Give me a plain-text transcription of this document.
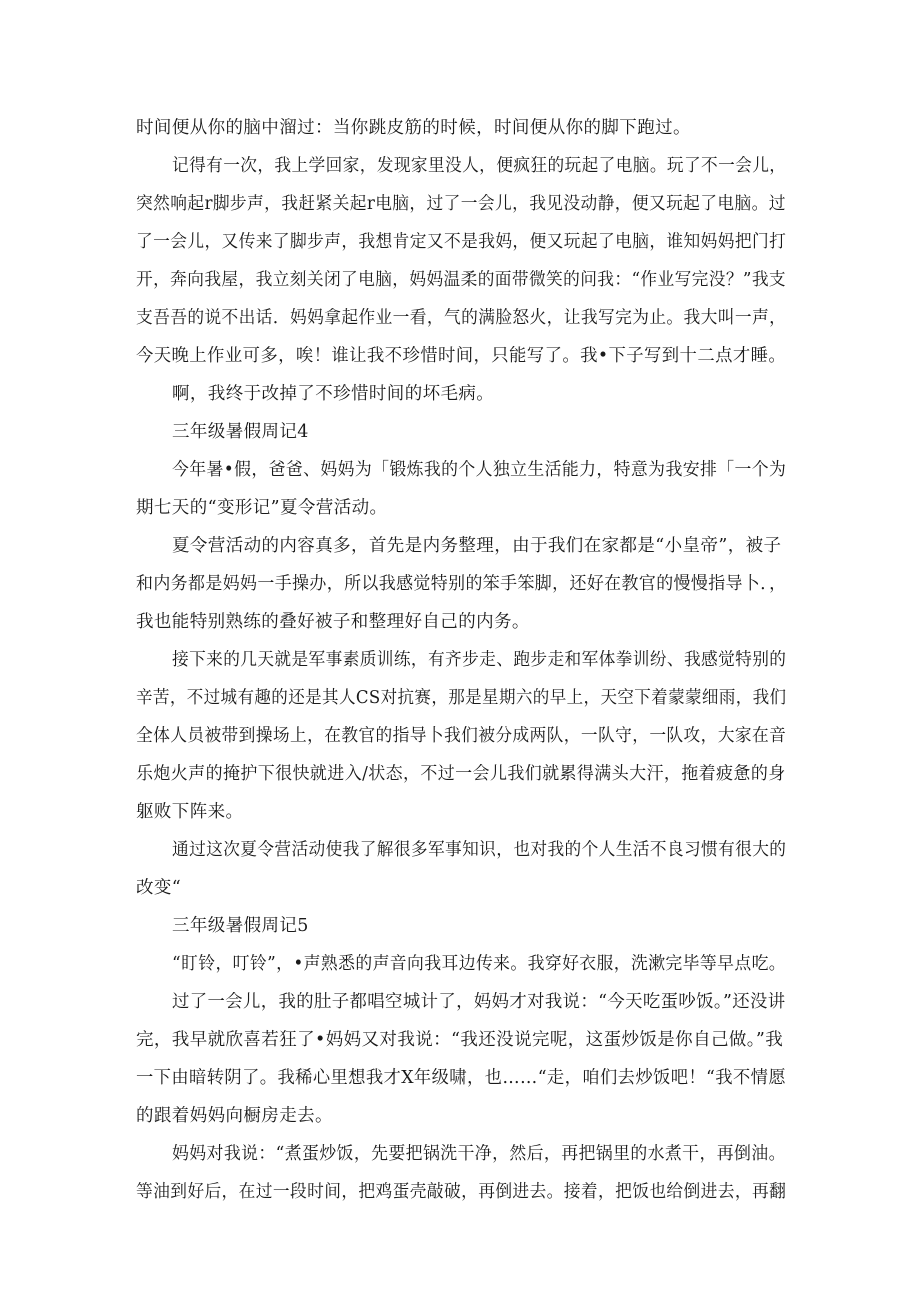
时间便从你的脑中溜过：当你跳皮筋的时候，时间便从你的脚下跑过。
记得有一次，我上学回家，发现家里没人，便疯狂的玩起了电脑。玩了不一会儿，
突然响起r脚步声，我赶紧关起r电脑，过了一会儿，我见没动静，便又玩起了电脑。过
了一会儿，又传来了脚步声，我想肯定又不是我妈，便又玩起了电脑，谁知妈妈把门打
开，奔向我屋，我立刻关闭了电脑，妈妈温柔的面带微笑的问我：“作业写完没？”我支
支吾吾的说不出话．妈妈拿起作业一看，气的满脸怒火，让我写完为止。我大叫一声，
今天晚上作业可多，唉！谁让我不珍惜时间，只能写了。我•下子写到十二点才睡。
啊，我终于改掉了不珍惜时间的坏毛病。
三年级暑假周记4
今年暑•假，爸爸、妈妈为「锻炼我的个人独立生活能力，特意为我安排「一个为
期七天的“变形记”夏令营活动。
夏令营活动的内容真多，首先是内务整理，由于我们在家都是“小皇帝”，被子
和内务都是妈妈一手操办，所以我感觉特别的笨手笨脚，还好在教官的慢慢指导卜．，
我也能特别熟练的叠好被子和整理好自己的内务。
接下来的几天就是军事素质训练，有齐步走、跑步走和军体拳训纷、我感觉特别的
辛苦，不过城有趣的还是其人CS对抗赛，那是星期六的早上，天空下着蒙蒙细雨，我们
全体人员被带到操场上，在教官的指导卜我们被分成两队，一队守，一队攻，大家在音
乐炮火声的掩护下很快就进入/状态，不过一会儿我们就累得满头大汗，拖着疲惫的身
躯败下阵来。
通过这次夏令营活动使我了解很多军事知识，也对我的个人生活不良习惯有很大的
改变“
三年级暑假周记5
“盯铃，叮铃”，•声熟悉的声音向我耳边传来。我穿好衣服，洗漱完毕等早点吃。
过了一会儿，我的肚子都唱空城计了，妈妈才对我说：“今天吃蛋吵饭。”还没讲
完，我早就欣喜若狂了•妈妈又对我说：“我还没说完呢，这蛋炒饭是你自己做。”我
一下由暗转阴了。我稀心里想我才X年级啸，也……“走，咱们去炒饭吧！“我不情愿
的跟着妈妈向橱房走去。
妈妈对我说：“煮蛋炒饭，先要把锅洗干净，然后，再把锅里的水煮干，再倒油。
等油到好后，在过一段时间，把鸡蛋壳敲破，再倒进去。接着，把饭也给倒进去，再翻
